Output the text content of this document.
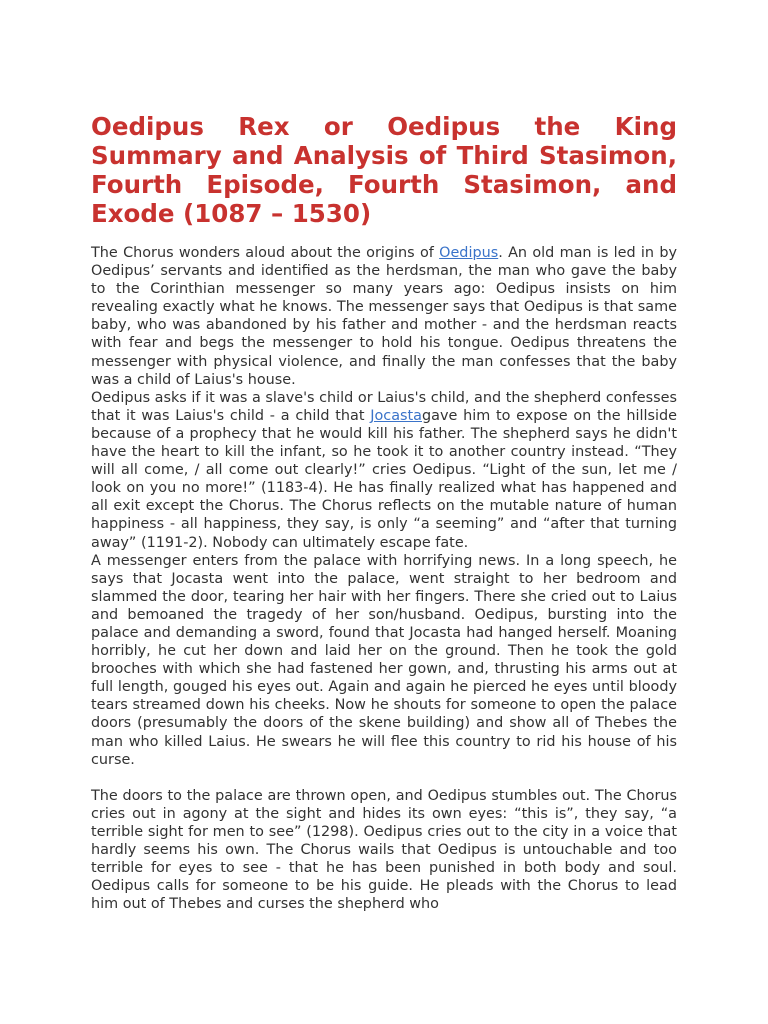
Oedipus Rex or Oedipus the King Summary and Analysis of Third Stasimon, Fourth Episode, Fourth Stasimon, and Exode (1087 – 1530)

The Chorus wonders aloud about the origins of Oedipus. An old man is led in by Oedipus’ servants and identified as the herdsman, the man who gave the baby to the Corinthian messenger so many years ago: Oedipus insists on him revealing exactly what he knows. The messenger says that Oedipus is that same baby, who was abandoned by his father and mother - and the herdsman reacts with fear and begs the messenger to hold his tongue. Oedipus threatens the messenger with physical violence, and finally the man confesses that the baby was a child of Laius's house.

Oedipus asks if it was a slave's child or Laius's child, and the shepherd confesses that it was Laius's child - a child that Jocastagave him to expose on the hillside because of a prophecy that he would kill his father. The shepherd says he didn't have the heart to kill the infant, so he took it to another country instead. “They will all come, / all come out clearly!” cries Oedipus. “Light of the sun, let me / look on you no more!” (1183-4). He has finally realized what has happened and all exit except the Chorus. The Chorus reflects on the mutable nature of human happiness - all happiness, they say, is only “a seeming” and “after that turning away” (1191-2). Nobody can ultimately escape fate.

A messenger enters from the palace with horrifying news. In a long speech, he says that Jocasta went into the palace, went straight to her bedroom and slammed the door, tearing her hair with her fingers. There she cried out to Laius and bemoaned the tragedy of her son/husband. Oedipus, bursting into the palace and demanding a sword, found that Jocasta had hanged herself. Moaning horribly, he cut her down and laid her on the ground. Then he took the gold brooches with which she had fastened her gown, and, thrusting his arms out at full length, gouged his eyes out. Again and again he pierced he eyes until bloody tears streamed down his cheeks. Now he shouts for someone to open the palace doors (presumably the doors of the skene building) and show all of Thebes the man who killed Laius. He swears he will flee this country to rid his house of his curse.

The doors to the palace are thrown open, and Oedipus stumbles out. The Chorus cries out in agony at the sight and hides its own eyes: “this is”, they say, “a terrible sight for men to see” (1298). Oedipus cries out to the city in a voice that hardly seems his own. The Chorus wails that Oedipus is untouchable and too terrible for eyes to see - that he has been punished in both body and soul. Oedipus calls for someone to be his guide. He pleads with the Chorus to lead him out of Thebes and curses the shepherd who
